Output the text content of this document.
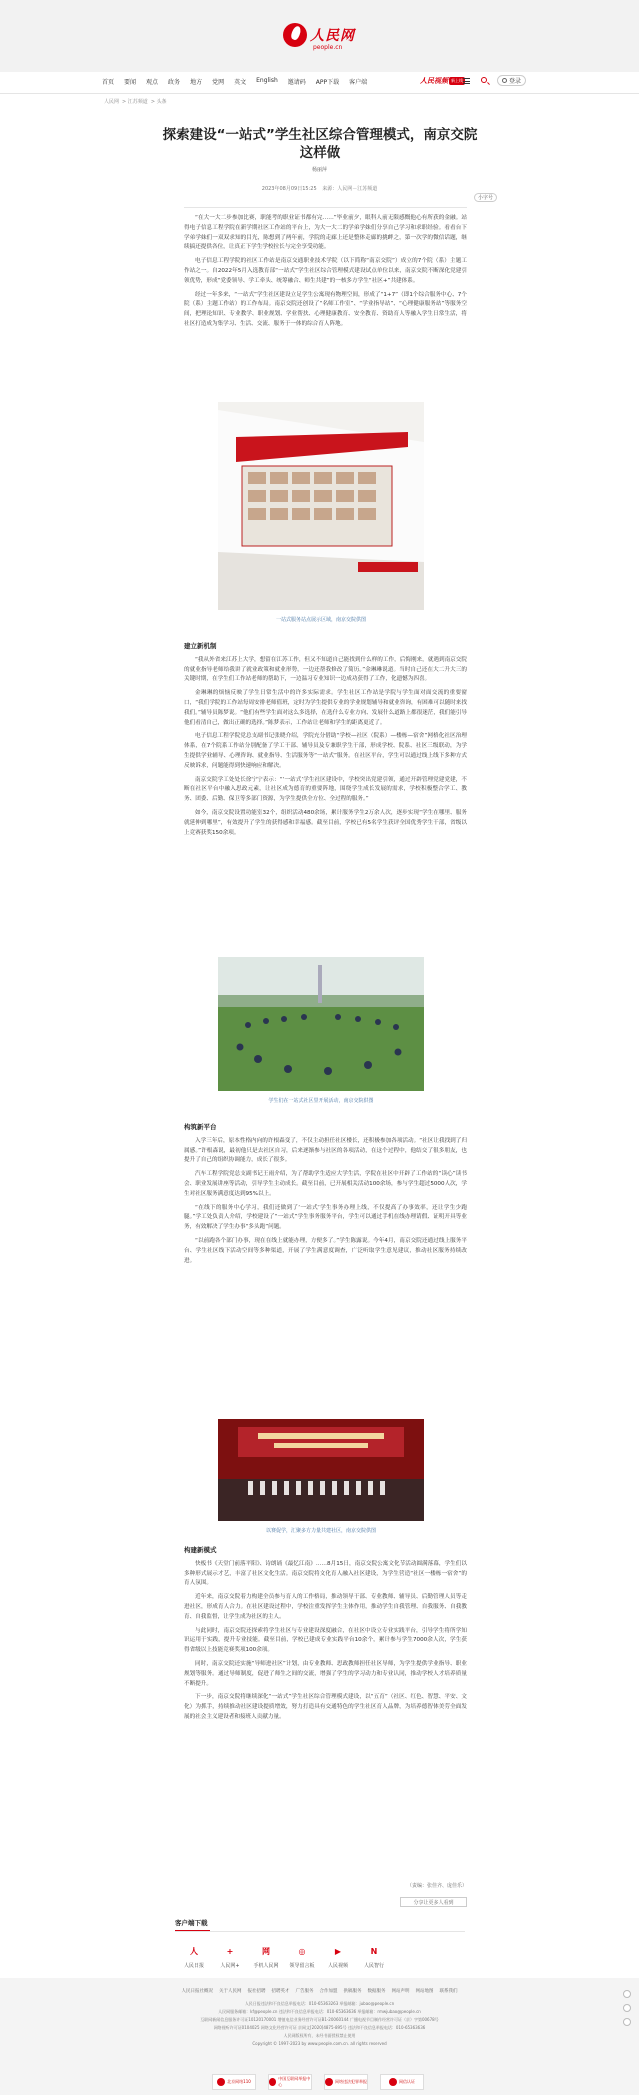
人民网
people.cn
首页 要闻 观点 政务 地方 党网 英文 English 邀请码 APP下载 客户端	人民视频 新上线	登录
人民网 > 江苏频道 > 头条
探索建设“一站式”学生社区综合管理模式，南京交院这样做
杨丽萍
2023年08月09日15:25 来源：人民网－江苏频道
小字号

“在大一大二步参加比赛，职能考的职业证书都有完……”毕业前夕，眼科人前无限感慨他心有所获的金融。站得电子信息工程学院在新学期社区工作站的平台上，为大一大二的学弟学妹们分享自己学习和求职经验。看看台下学弟学妹们一双双求知的目光，陈想到了两年前，学院的走廊上还是整体走廊的挑衅之，第一次学的微信话题，继续搞还提供各位，让真正下学生学校拉长与完全享受功能。

电子信息工程学院的社区工作站是南京交通职业技术学院（以下简称“南京交院”）成立的7个院（系）主题工作站之一。自2022年5月入选教育部“一站式”学生社区综合管理模式建设试点单位以来，南京交院不断深化党建引领优势，形成“党委领导、学工牵头、统筹融合、师生共建”的一核多方学生“社区+”共建体系。

经过一年多来，“一站式”学生社区建设立足学生公寓现有物理空间，形成了“1+7”（即1个综合服务中心、7个院（系）主题工作站）的工作布局。南京交院还创设了“名师工作室”、“学业指导站”、“心理健康服务站”等服务空间，把理论知识、专业教学、职业规划、学业帮扶、心理健康教育、安全教育、资助育人等融入学生日常生活，将社区打造成为集学习、生活、交流、服务于一体的综合育人阵地。

一站式服务站点展示区域，南京交院供图
建立新机制

“我从外省来江苏上大学，想留在江苏工作，但又不知道自己能找到什么样的工作，后悔刚来，就遇到南京交院的就业指导老师给我讲了就业政策和就业形势，一边还帮我修改了简历。”金琳琳说道。当时自己还在大二升大三的关键时期，在学生们工作站老师的帮助下，一边温习专业知识一边成功获得了工作，化遗憾为四喜。

金琳琳的烦恼反映了学生日常生活中的许多实际需求。学生社区工作站是学院与学生面对面交流的重要窗口，“我们学院的工作站每周安排老师值班，定时为学生提供专业的学业规划辅导和就业咨询，有困难可以随时来找我们。”辅导员陈梦说。“他们有些学生面对这么多选择，在选什么专业方向、发展什么道路上都很迷茫，我们能引导他们看清自己，做出正确的选择。”陈梦表示，工作站让老师和学生的距离更近了。

电子信息工程学院党总支副书记张晓介绍，学院充分借助“学校—社区（院系）—楼栋—宿舍”网格化社区治理体系，在7个院系工作站分别配备了学工干部、辅导员及专兼职学生干部，形成学校、院系、社区三级联动，为学生提供学业辅导、心理咨询、就业指导、生活服务等“一站式”服务。在社区平台，学生可以通过线上线下多种方式反映诉求，问题能得到快速响应和解决。

南京交院学工处处长徐宁宁表示：“‘一站式’学生社区建设中，学校突出党建引领，通过开辟管理党建党建，不断在社区平台中融入思政元素，让社区成为德育的重要阵地，围绕学生成长发展的需求，学校积极整合学工、教务、团委、后勤、保卫等多部门资源，为学生提供全方位、全过程的服务。”

如今，南京交院设置功能室32个，组织活动480余场，累计服务学生2万余人次，逐步实现“学生在哪里、服务就延伸到哪里”，有效提升了学生的获得感和幸福感。截至目前，学校已有5名学生获评全国优秀学生干部，省级以上竞赛获奖150余项。

学生们在一站式社区里开展活动，南京交院供图
构筑新平台

入学三年后，原本性格内向的许根森变了，不仅主动担任社区楼长，还积极参加各项活动。“社区让我找到了归属感。”许根森说，最初他只是去社区自习，后来逐渐参与社区的各项活动，在这个过程中，他结交了很多朋友，也提升了自己的组织协调能力，成长了很多。

汽车工程学院党总支副书记王雨介绍，为了帮助学生适应大学生活，学院在社区中开辟了工作站的“读心”读书会、职业发展讲座等活动，引导学生主动成长。截至目前，已开展相关活动100余场，参与学生超过5000人次，学生对社区服务满意度达到95%以上。

“在线下的服务中心学习，我们还做到了‘一站式’学生事务办理上线，不仅提高了办事效率，还让学生少跑腿。”学工处负责人介绍，学校建设了“一站式”学生事务服务平台，学生可以通过手机在线办理请假、证明开具等业务，有效解决了学生办事“多头跑”问题。

“以前跑各个部门办事，现在在线上就能办理，方便多了。”学生陈露说。今年4月，南京交院还通过线上服务平台、学生社区线下活动空间等多种渠道，开展了学生满意度调查，广泛听取学生意见建议，推动社区服务持续改进。

以赛促学，汇聚多方力量共建社区，南京交院供图
构建新模式

快板书《天堂门前落平阳》、诗朗诵《最忆江南》……8月15日，南京交院公寓文化节活动圆满落幕，学生们以多种形式展示才艺，丰富了社区文化生活。南京交院将文化育人融入社区建设，为学生营造“社区一楼栋一宿舍”的育人氛围。

近年来，南京交院着力构建全员参与育人的工作格局，推动领导干部、专业教师、辅导员、后勤管理人员等走进社区，形成育人合力。在社区建设过程中，学校注重发挥学生主体作用，推动学生自我管理、自我服务、自我教育、自我监督，让学生成为社区的主人。

与此同时，南京交院还探索将学生社区与专业建设深度融合，在社区中设立专业实践平台，引导学生将所学知识运用于实践，提升专业技能。截至目前，学校已建成专业实践平台10余个，累计参与学生7000余人次，学生获得省级以上技能竞赛奖项100余项。

同时，南京交院还实施“导师进社区”计划，由专业教师、思政教师担任社区导师，为学生提供学业指导、职业规划等服务。通过导师制度，促进了师生之间的交流，增强了学生的学习动力和专业认同，推动学校人才培养质量不断提升。

下一步，南京交院将继续深化“一站式”学生社区综合管理模式建设，以“五育”（社区、红色、智慧、平安、文化）为抓手，持续推动社区建设提质增效，努力打造具有交通特色的学生社区育人品牌，为培养德智体美劳全面发展的社会主义建设者和接班人贡献力量。

（责编：张佳齐、庞佳乐）
分享让更多人看到
客户端下载
人
人民日报
+
人民网+
网
手机人民网
◎
领导留言板
▶
人民视频
N
人民智行
人民日报社概况 关于人民网 报社招聘 招聘英才 广告服务 合作加盟 供稿服务 数据服务 网站声明 网站地图 联系我们
人民日报违法和不良信息举报电话：010-65363263 举报邮箱：jubao@people.cn
人民网服务邮箱：kf@people.cn 违法和不良信息举报电话：010-65363636 举报邮箱：rmwjubao@people.cn
互联网新闻信息服务许可证10120170001 增值电信业务经营许可证B1-20060144 广播电视节目制作经营许可证（京）字第00678号
网络视听许可证0104025 网络文化经营许可证 京网文[2020]4875-895号 违法和不良信息举报电话：010-65363636
人民网版权所有，未经书面授权禁止使用
Copyright © 1997-2023 by www.people.com.cn. all rights reserved
北京网络110
中国互联网举报中心
网络违法犯罪举报	网信认证
